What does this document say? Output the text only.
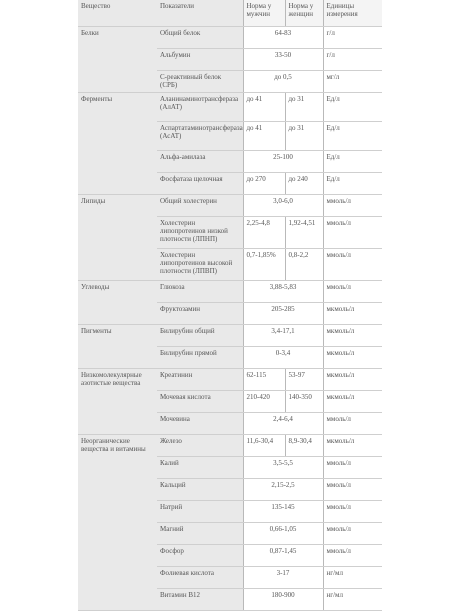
Вещество	Показатели	Норма у мужчин	Норма у женщин	Единицы измерения
Белки	Общий белок	64-83		г/л
	Альбумин	33-50		г/л
	С-реактивный белок (СРБ)	до 0,5		мг/л
Ферменты	Аланинаминотрансфераза (АлАТ)	до 41	до 31	Ед/л
	Аспартатаминотрансфераза (АсАТ)	до 41	до 31	Ед/л
	Альфа-амилаза	25-100		Ед/л
	Фосфатаза щелочная	до 270	до 240	Ед/л
Липиды	Общий холестерин	3,0-6,0		ммоль/л
	Холестерин липопротеинов низкой плотности (ЛПНП)	2,25-4,8	1,92-4,51	ммоль/л
	Холестерин липопротеинов высокой плотности (ЛПВП)	0,7-1,85%	0,8-2,2	ммоль/л
Углеводы	Глюкоза	3,88-5,83		ммоль/л
	Фруктозамин	205-285		мкмоль/л
Пигменты	Билирубин общий	3,4-17,1		мкмоль/л
	Билирубин прямой	0-3,4		мкмоль/л
Низкомолекулярные азотистые вещества	Креатинин	62-115	53-97	мкмоль/л
	Мочевая кислота	210-420	140-350	мкмоль/л
	Мочевина	2,4-6,4		ммоль/л
Неорганические вещества и витамины	Железо	11,6-30,4	8,9-30,4	мкмоль/л
	Калий	3,5-5,5		ммоль/л
	Кальций	2,15-2,5		ммоль/л
	Натрий	135-145		ммоль/л
	Магний	0,66-1,05		ммоль/л
	Фосфор	0,87-1,45		ммоль/л
	Фолиевая кислота	3-17		нг/мл
	Витамин В12	180-900		нг/мл
